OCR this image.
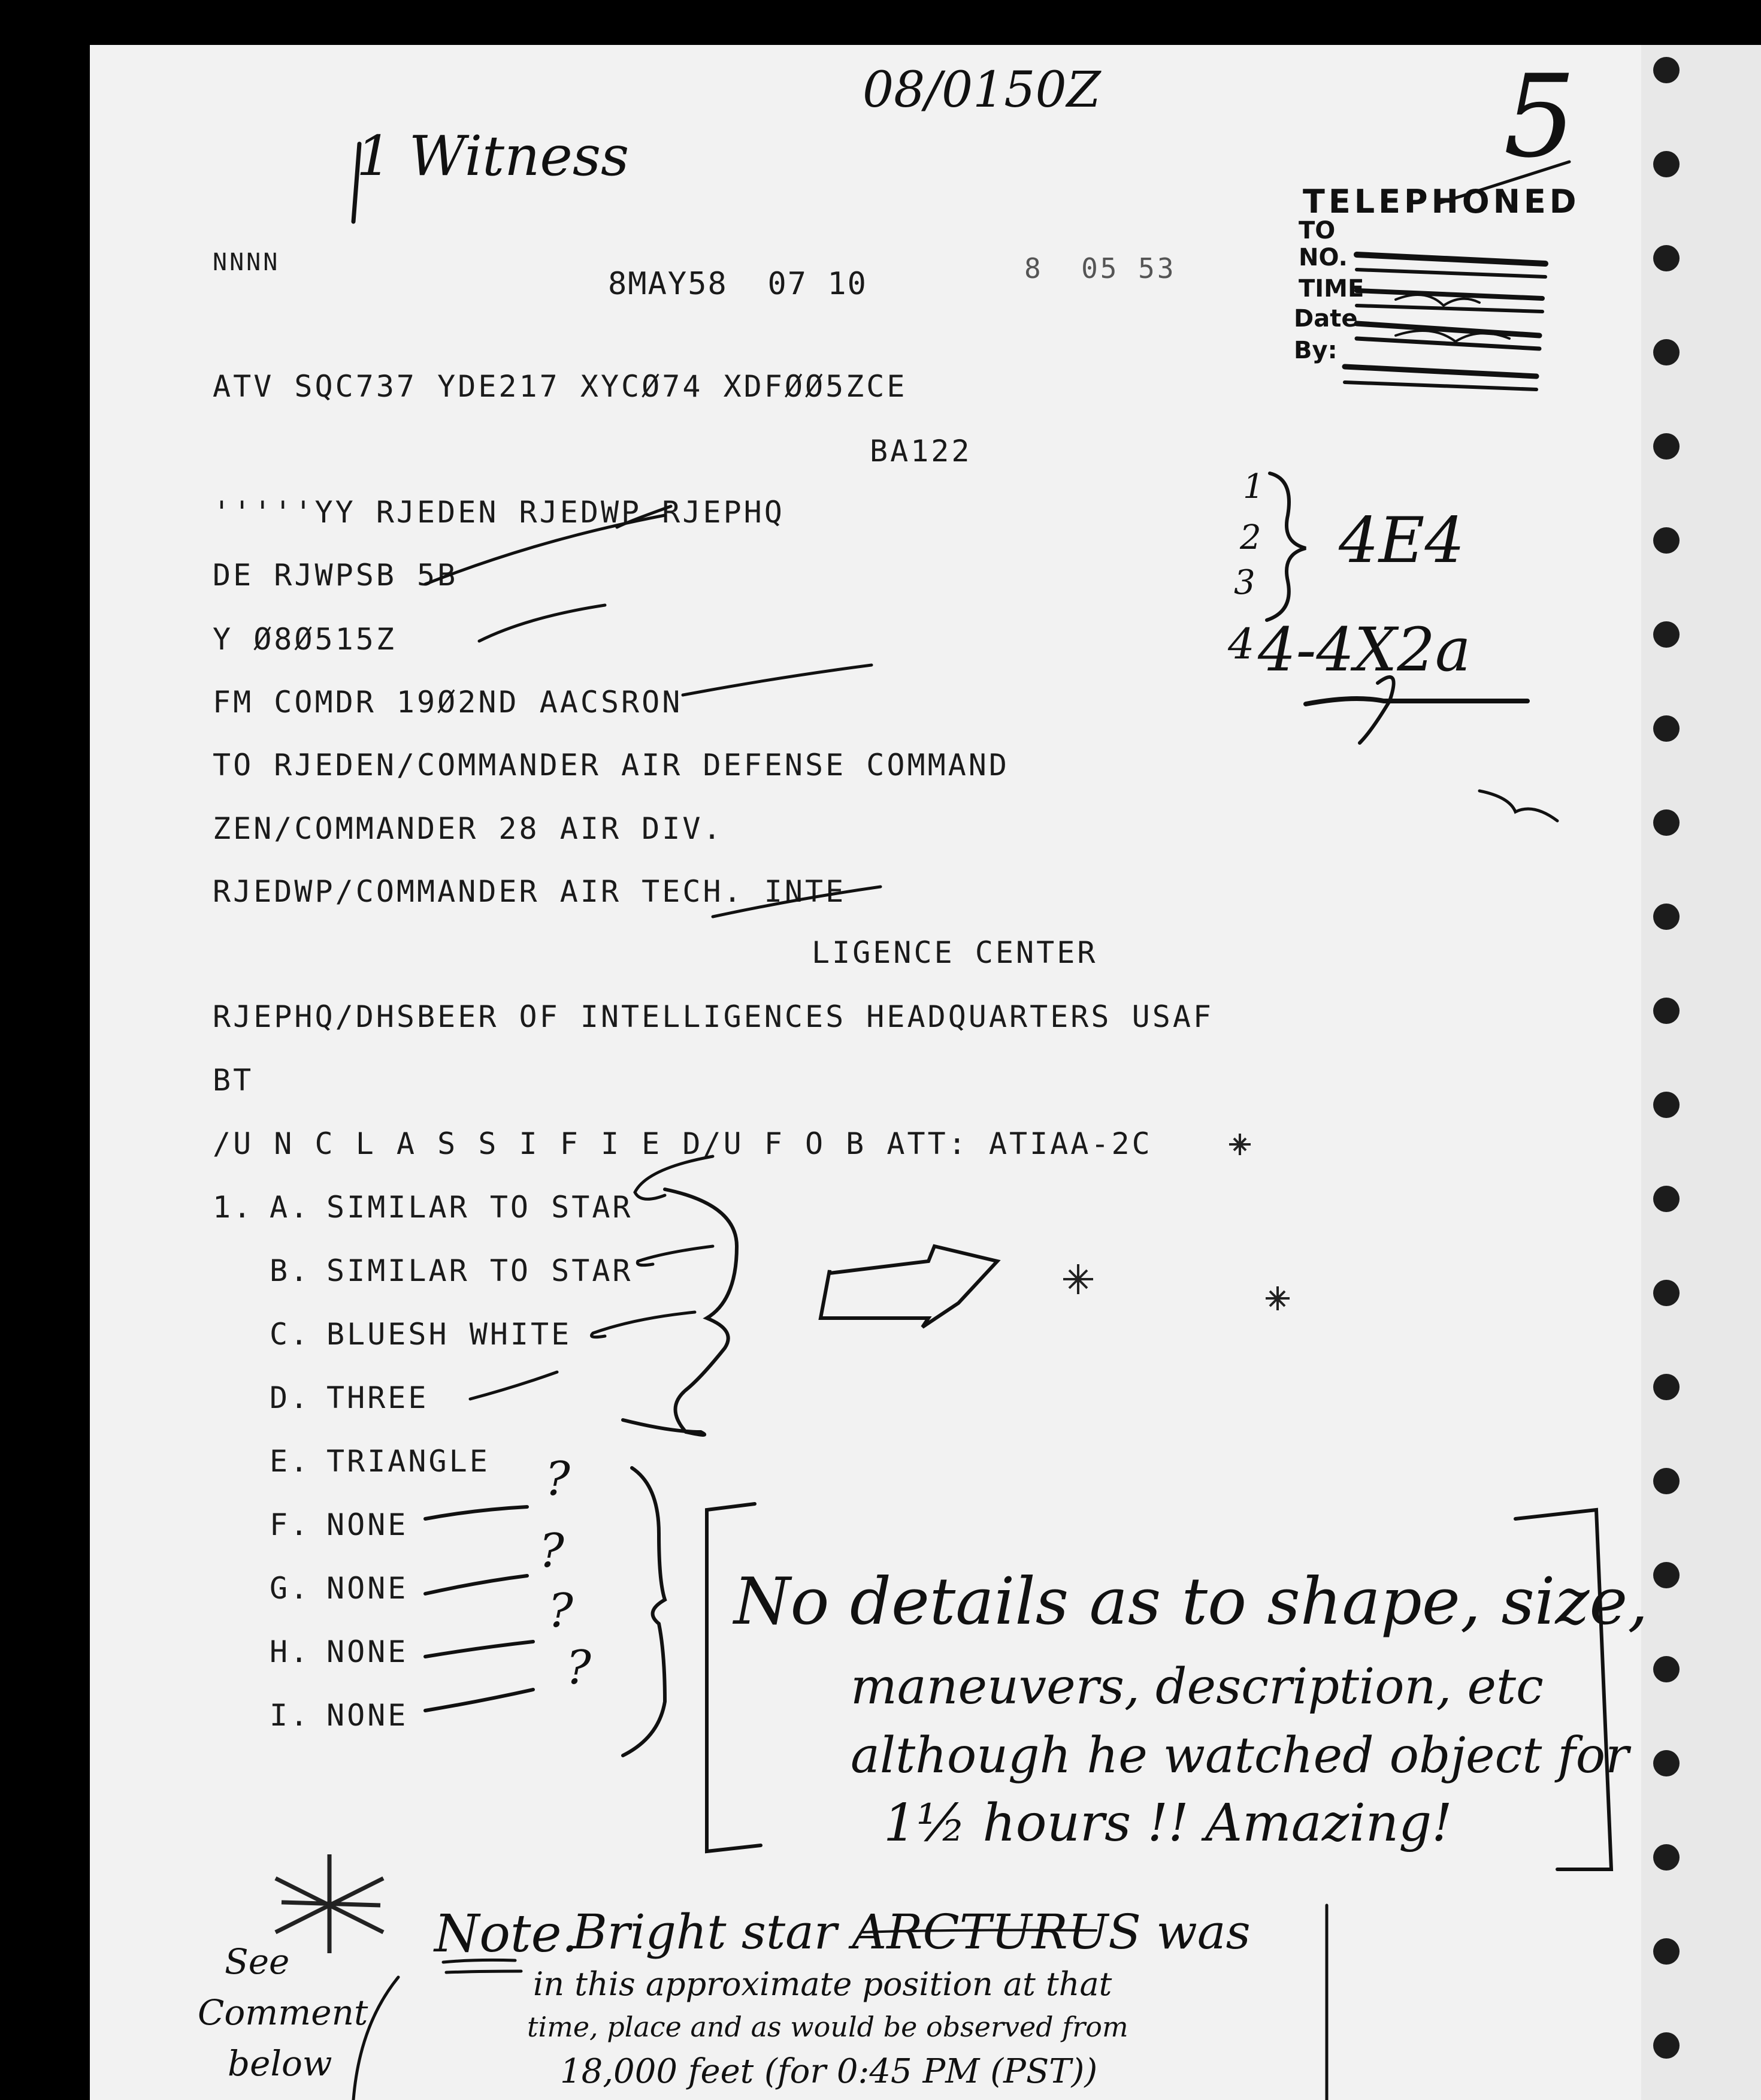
08/0150Z
1 Witness	5
NNNN
8MAY58  07 10	8  05 53
TELEPHONED
TO
NO.
TIME
Date
By:
ATV SQC737 YDE217 XYCØ74 XDFØØ5ZCE
BA122
'''''YY RJEDEN RJEDWP RJEPHQ
DE RJWPSB 5B
Y Ø8Ø515Z
FM COMDR 19Ø2ND AACSRON
TO RJEDEN/COMMANDER AIR DEFENSE COMMAND
ZEN/COMMANDER 28 AIR DIV.
RJEDWP/COMMANDER AIR TECH. INTE
LIGENCE CENTER
RJEPHQ/DHSBEER OF INTELLIGENCES HEADQUARTERS USAF
BT
/U N C L A S S I F I E D/U F O B ATT: ATIAA-2C
1. A. SIMILAR TO STAR
B. SIMILAR TO STAR
C. BLUESH WHITE
D. THREE
E. TRIANGLE
F. NONE
G. NONE
H. NONE
I. NONE
1
2
3
4
4E4
4-4X2a
?
?
?
?
No details as to shape, size,
maneuvers, description, etc
although he watched object for
1½ hours !! Amazing!
See
Comment
below
Note.
Bright star ARCTURUS was
in this approximate position at that
time, place and as would be observed from
18,000 feet (for 0:45 PM (PST))
